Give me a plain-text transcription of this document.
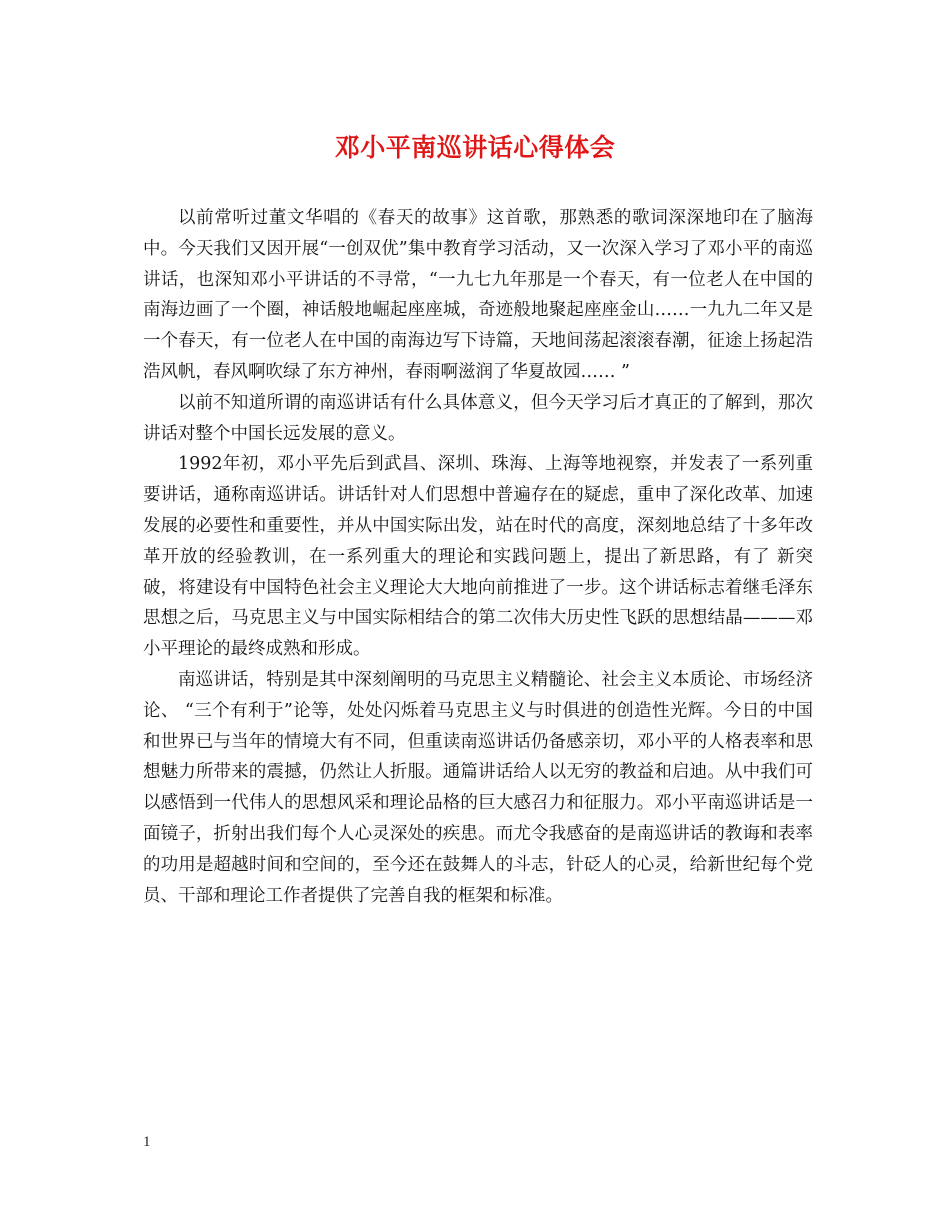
邓小平南巡讲话心得体会

以前常听过董文华唱的《春天的故事》这首歌，那熟悉的歌词深深地印在了脑海中。今天我们又因开展“一创双优”集中教育学习活动，又一次深入学习了邓小平的南巡讲话，也深知邓小平讲话的不寻常，“一九七九年那是一个春天，有一位老人在中国的南海边画了一个圈，神话般地崛起座座城，奇迹般地聚起座座金山……一九九二年又是一个春天，有一位老人在中国的南海边写下诗篇，天地间荡起滚滚春潮，征途上扬起浩浩风帆，春风啊吹绿了东方神州，春雨啊滋润了华夏故园…… ”

以前不知道所谓的南巡讲话有什么具体意义，但今天学习后才真正的了解到，那次讲话对整个中国长远发展的意义。

1992年初，邓小平先后到武昌、深圳、珠海、上海等地视察，并发表了一系列重要讲话，通称南巡讲话。讲话针对人们思想中普遍存在的疑虑，重申了深化改革、加速发展的必要性和重要性，并从中国实际出发，站在时代的高度，深刻地总结了十多年改革开放的经验教训，在一系列重大的理论和实践问题上，提出了新思路，有了 新突破，将建设有中国特色社会主义理论大大地向前推进了一步。这个讲话标志着继毛泽东思想之后，马克思主义与中国实际相结合的第二次伟大历史性飞跃的思想结晶———邓小平理论的最终成熟和形成。

南巡讲话，特别是其中深刻阐明的马克思主义精髓论、社会主义本质论、市场经济论、 “三个有利于”论等，处处闪烁着马克思主义与时俱进的创造性光辉。今日的中国和世界已与当年的情境大有不同，但重读南巡讲话仍备感亲切，邓小平的人格表率和思想魅力所带来的震撼，仍然让人折服。通篇讲话给人以无穷的教益和启迪。从中我们可以感悟到一代伟人的思想风采和理论品格的巨大感召力和征服力。邓小平南巡讲话是一面镜子，折射出我们每个人心灵深处的疾患。而尤令我感奋的是南巡讲话的教诲和表率的功用是超越时间和空间的，至今还在鼓舞人的斗志，针砭人的心灵，给新世纪每个党员、干部和理论工作者提供了完善自我的框架和标准。

1
